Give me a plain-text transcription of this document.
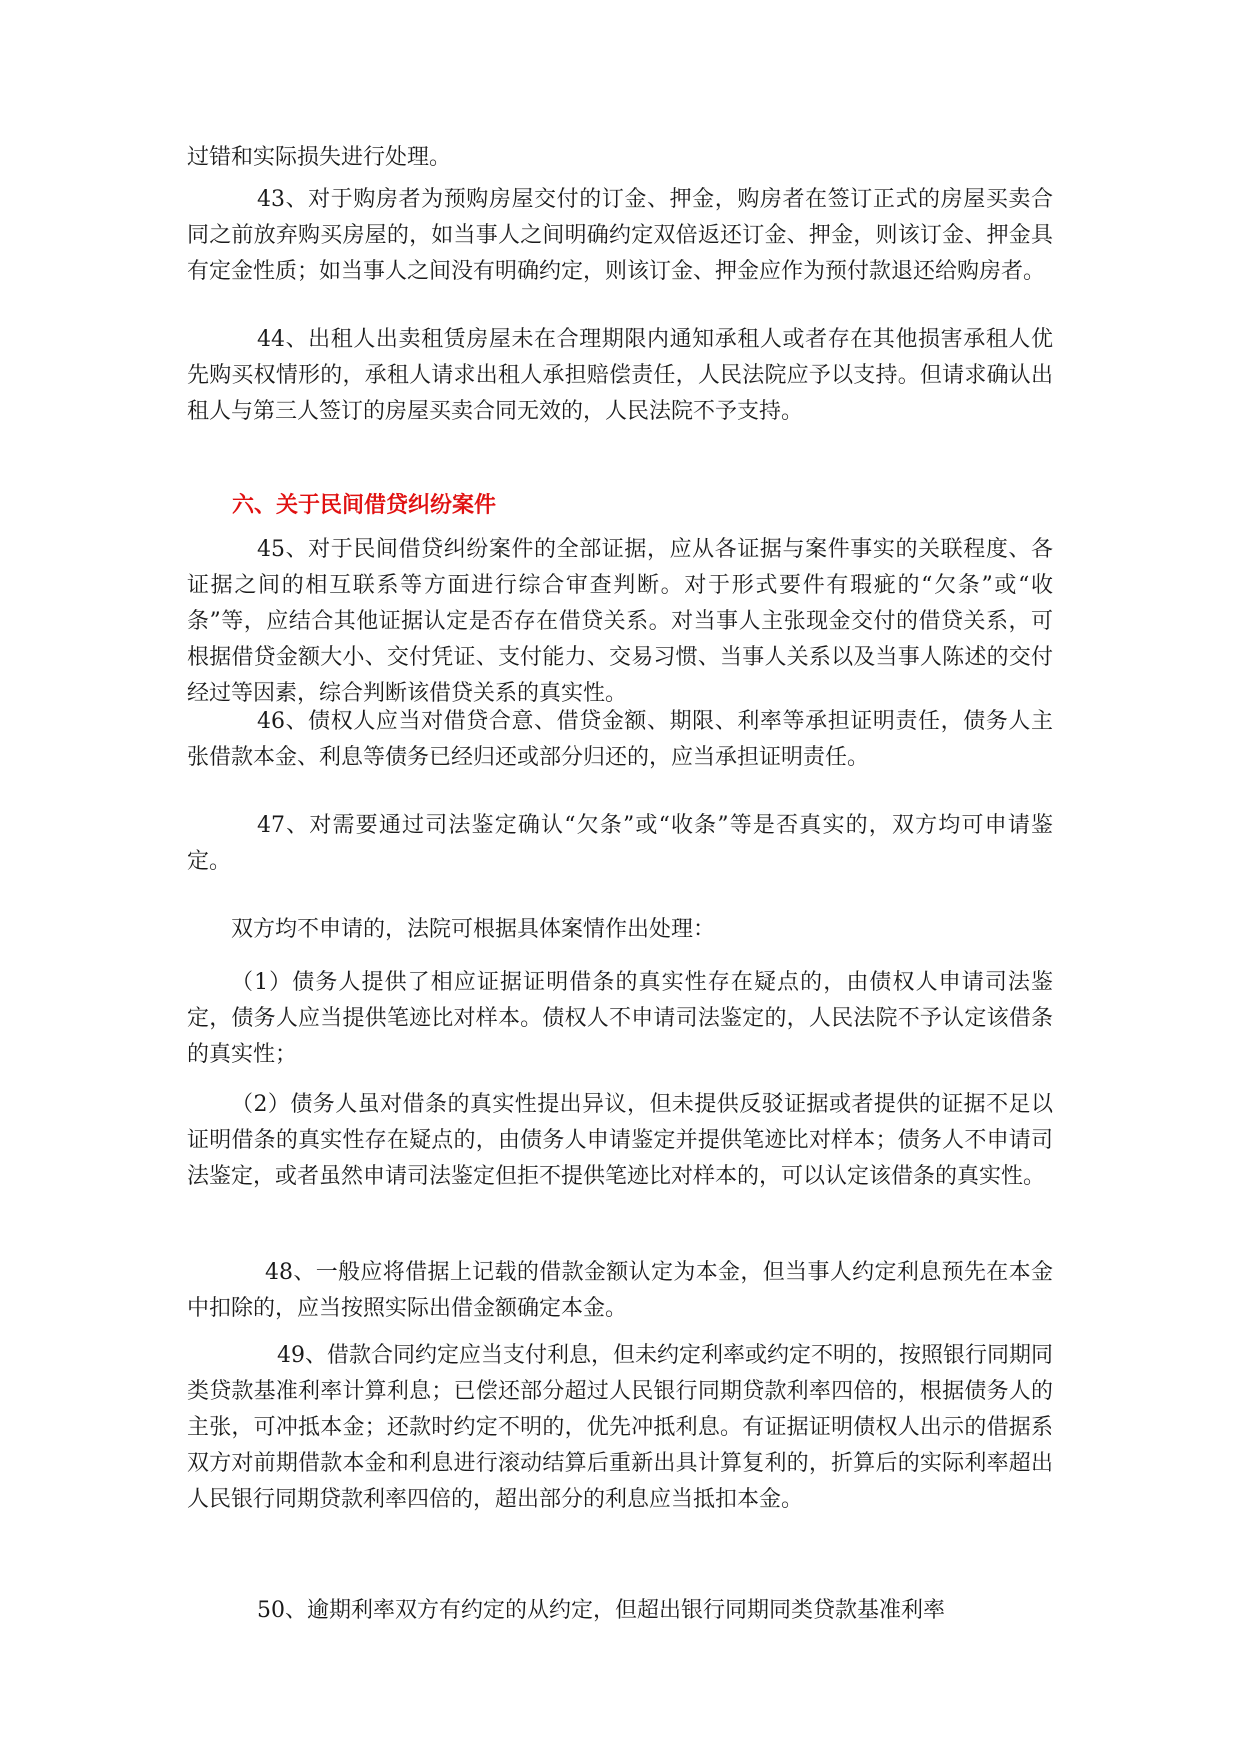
过错和实际损失进行处理。

43、对于购房者为预购房屋交付的订金、押金，购房者在签订正式的房屋买卖合同之前放弃购买房屋的，如当事人之间明确约定双倍返还订金、押金，则该订金、押金具有定金性质；如当事人之间没有明确约定，则该订金、押金应作为预付款退还给购房者。

44、出租人出卖租赁房屋未在合理期限内通知承租人或者存在其他损害承租人优先购买权情形的，承租人请求出租人承担赔偿责任，人民法院应予以支持。但请求确认出租人与第三人签订的房屋买卖合同无效的，人民法院不予支持。

六、关于民间借贷纠纷案件

45、对于民间借贷纠纷案件的全部证据，应从各证据与案件事实的关联程度、各证据之间的相互联系等方面进行综合审查判断。对于形式要件有瑕疵的“欠条”或“收条”等，应结合其他证据认定是否存在借贷关系。对当事人主张现金交付的借贷关系，可根据借贷金额大小、交付凭证、支付能力、交易习惯、当事人关系以及当事人陈述的交付经过等因素，综合判断该借贷关系的真实性。

46、债权人应当对借贷合意、借贷金额、期限、利率等承担证明责任，债务人主张借款本金、利息等债务已经归还或部分归还的，应当承担证明责任。

47、对需要通过司法鉴定确认“欠条”或“收条”等是否真实的，双方均可申请鉴定。

双方均不申请的，法院可根据具体案情作出处理：

（1）债务人提供了相应证据证明借条的真实性存在疑点的，由债权人申请司法鉴定，债务人应当提供笔迹比对样本。债权人不申请司法鉴定的，人民法院不予认定该借条的真实性；

（2）债务人虽对借条的真实性提出异议，但未提供反驳证据或者提供的证据不足以证明借条的真实性存在疑点的，由债务人申请鉴定并提供笔迹比对样本；债务人不申请司法鉴定，或者虽然申请司法鉴定但拒不提供笔迹比对样本的，可以认定该借条的真实性。

48、一般应将借据上记载的借款金额认定为本金，但当事人约定利息预先在本金中扣除的，应当按照实际出借金额确定本金。

49、借款合同约定应当支付利息，但未约定利率或约定不明的，按照银行同期同类贷款基准利率计算利息；已偿还部分超过人民银行同期贷款利率四倍的，根据债务人的主张，可冲抵本金；还款时约定不明的，优先冲抵利息。有证据证明债权人出示的借据系双方对前期借款本金和利息进行滚动结算后重新出具计算复利的，折算后的实际利率超出人民银行同期贷款利率四倍的，超出部分的利息应当抵扣本金。

50、逾期利率双方有约定的从约定，但超出银行同期同类贷款基准利率
